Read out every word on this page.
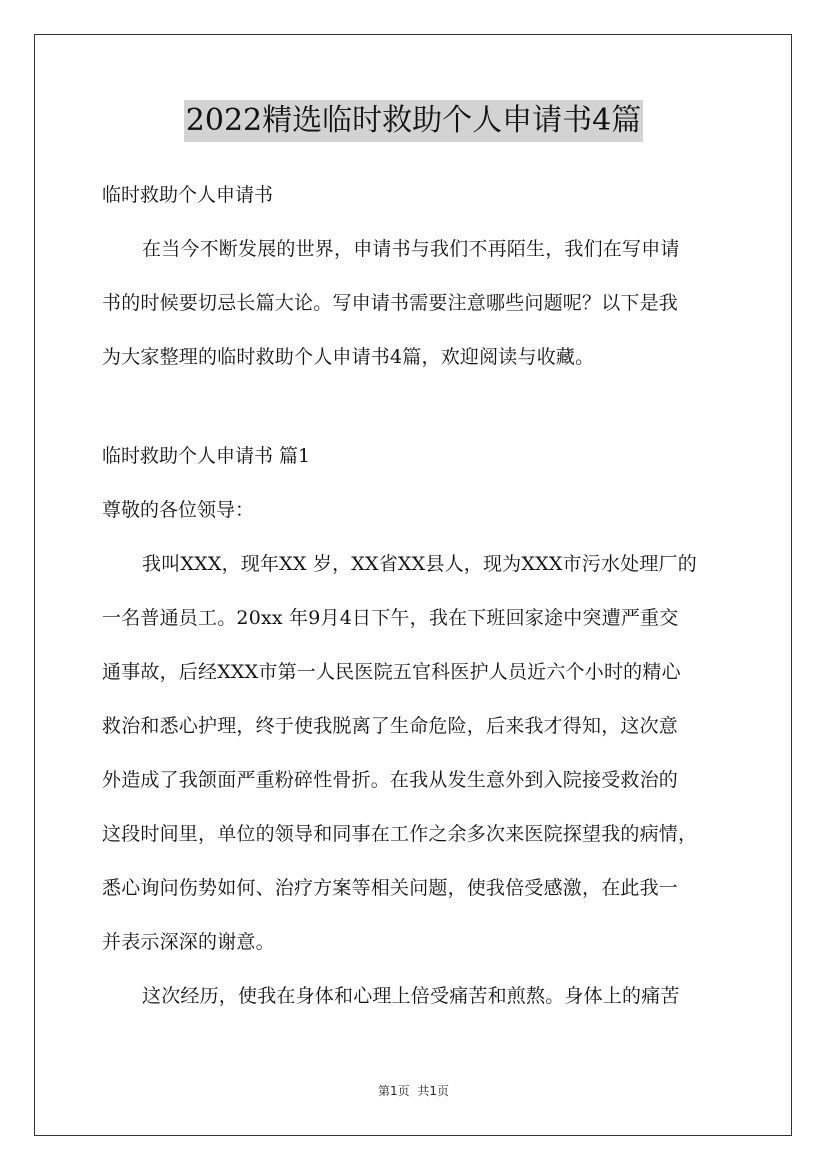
2022精选临时救助个人申请书4篇
临时救助个人申请书
在当今不断发展的世界，申请书与我们不再陌生，我们在写申请
书的时候要切忌长篇大论。写申请书需要注意哪些问题呢？以下是我
为大家整理的临时救助个人申请书4篇，欢迎阅读与收藏。
临时救助个人申请书 篇1
尊敬的各位领导：
我叫XXX，现年XX 岁，XX省XX县人，现为XXX市污水处理厂的
一名普通员工。20xx 年9月4日下午，我在下班回家途中突遭严重交
通事故，后经XXX市第一人民医院五官科医护人员近六个小时的精心
救治和悉心护理，终于使我脱离了生命危险，后来我才得知，这次意
外造成了我颌面严重粉碎性骨折。在我从发生意外到入院接受救治的
这段时间里，单位的领导和同事在工作之余多次来医院探望我的病情，
悉心询问伤势如何、治疗方案等相关问题，使我倍受感激，在此我一
并表示深深的谢意。
这次经历，使我在身体和心理上倍受痛苦和煎熬。身体上的痛苦
第1页 共1页
